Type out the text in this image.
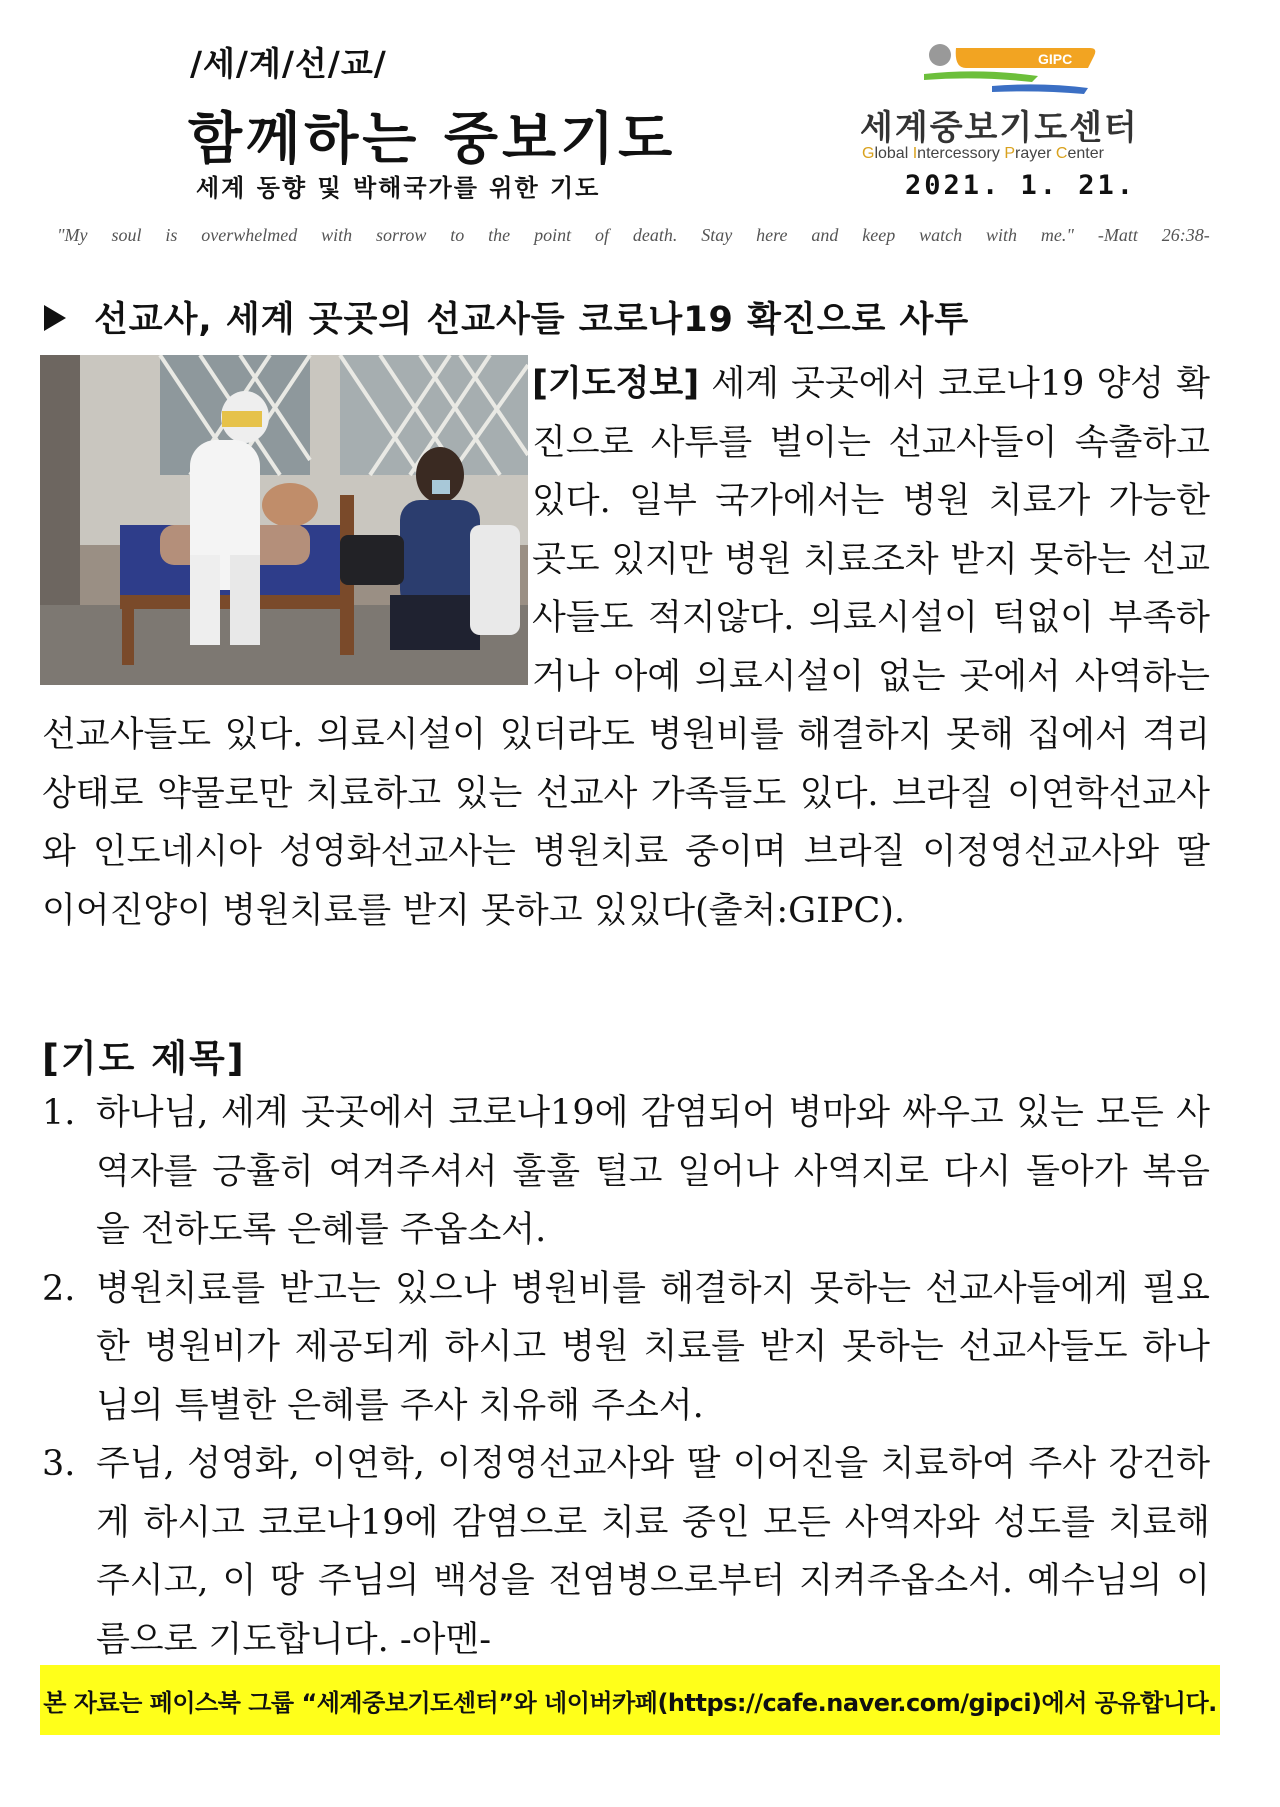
/세/계/선/교/
함께하는 중보기도
세계 동향 및 박해국가를 위한 기도
GIPC
세계중보기도센터
Global Intercessory Prayer Center
2021. 1. 21.
"My soul is overwhelmed with sorrow to the point of death. Stay here and keep watch with me." -Matt 26:38-
선교사, 세계 곳곳의 선교사들 코로나19 확진으로 사투
[기도정보] 세계 곳곳에서 코로나19 양성 확진으로 사투를 벌이는 선교사들이 속출하고 있다. 일부 국가에서는 병원 치료가 가능한 곳도 있지만 병원 치료조차 받지 못하는 선교사들도 적지않다. 의료시설이 턱없이 부족하거나 아예 의료시설이 없는 곳에서 사역하는 선교사들도 있다. 의료시설이 있더라도 병원비를 해결하지 못해 집에서 격리상태로 약물로만 치료하고 있는 선교사 가족들도 있다. 브라질 이연학선교사와 인도네시아 성영화선교사는 병원치료 중이며 브라질 이정영선교사와 딸 이어진양이 병원치료를 받지 못하고 있있다(출처:GIPC).
[기도 제목]
1. 하나님, 세계 곳곳에서 코로나19에 감염되어 병마와 싸우고 있는 모든 사역자를 긍휼히 여겨주셔서 훌훌 털고 일어나 사역지로 다시 돌아가 복음을 전하도록 은혜를 주옵소서.
2. 병원치료를 받고는 있으나 병원비를 해결하지 못하는 선교사들에게 필요한 병원비가 제공되게 하시고 병원 치료를 받지 못하는 선교사들도 하나님의 특별한 은혜를 주사 치유해 주소서.
3. 주님, 성영화, 이연학, 이정영선교사와 딸 이어진을 치료하여 주사 강건하게 하시고 코로나19에 감염으로 치료 중인 모든 사역자와 성도를 치료해 주시고, 이 땅 주님의 백성을 전염병으로부터 지켜주옵소서. 예수님의 이름으로 기도합니다. -아멘-
본 자료는 페이스북 그룹 “세계중보기도센터”와 네이버카페(https://cafe.naver.com/gipci)에서 공유합니다.
